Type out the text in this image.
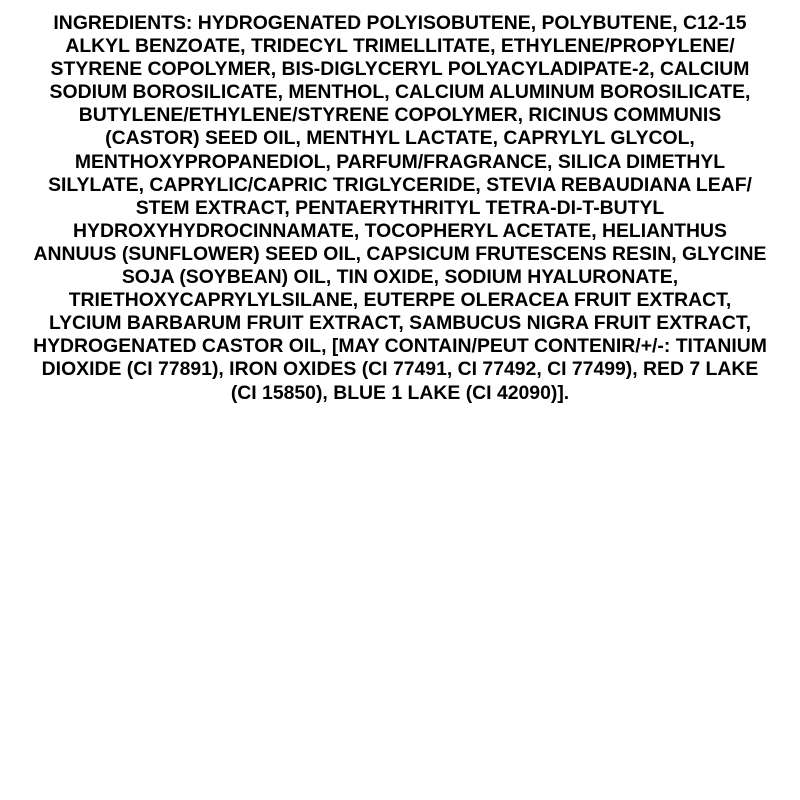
INGREDIENTS: HYDROGENATED POLYISOBUTENE, POLYBUTENE, C12-15
ALKYL BENZOATE, TRIDECYL TRIMELLITATE, ETHYLENE/PROPYLENE/
STYRENE COPOLYMER, BIS-DIGLYCERYL POLYACYLADIPATE-2, CALCIUM
SODIUM BOROSILICATE, MENTHOL, CALCIUM ALUMINUM BOROSILICATE,
BUTYLENE/ETHYLENE/STYRENE COPOLYMER, RICINUS COMMUNIS
(CASTOR) SEED OIL, MENTHYL LACTATE, CAPRYLYL GLYCOL,
MENTHOXYPROPANEDIOL, PARFUM/FRAGRANCE, SILICA DIMETHYL
SILYLATE, CAPRYLIC/CAPRIC TRIGLYCERIDE, STEVIA REBAUDIANA LEAF/
STEM EXTRACT, PENTAERYTHRITYL TETRA-DI-T-BUTYL
HYDROXYHYDROCINNAMATE, TOCOPHERYL ACETATE, HELIANTHUS
ANNUUS (SUNFLOWER) SEED OIL, CAPSICUM FRUTESCENS RESIN, GLYCINE
SOJA (SOYBEAN) OIL, TIN OXIDE, SODIUM HYALURONATE,
TRIETHOXYCAPRYLYLSILANE, EUTERPE OLERACEA FRUIT EXTRACT,
LYCIUM BARBARUM FRUIT EXTRACT, SAMBUCUS NIGRA FRUIT EXTRACT,
HYDROGENATED CASTOR OIL, [MAY CONTAIN/PEUT CONTENIR/+/-: TITANIUM
DIOXIDE (CI 77891), IRON OXIDES (CI 77491, CI 77492, CI 77499), RED 7 LAKE
(CI 15850), BLUE 1 LAKE (CI 42090)].
